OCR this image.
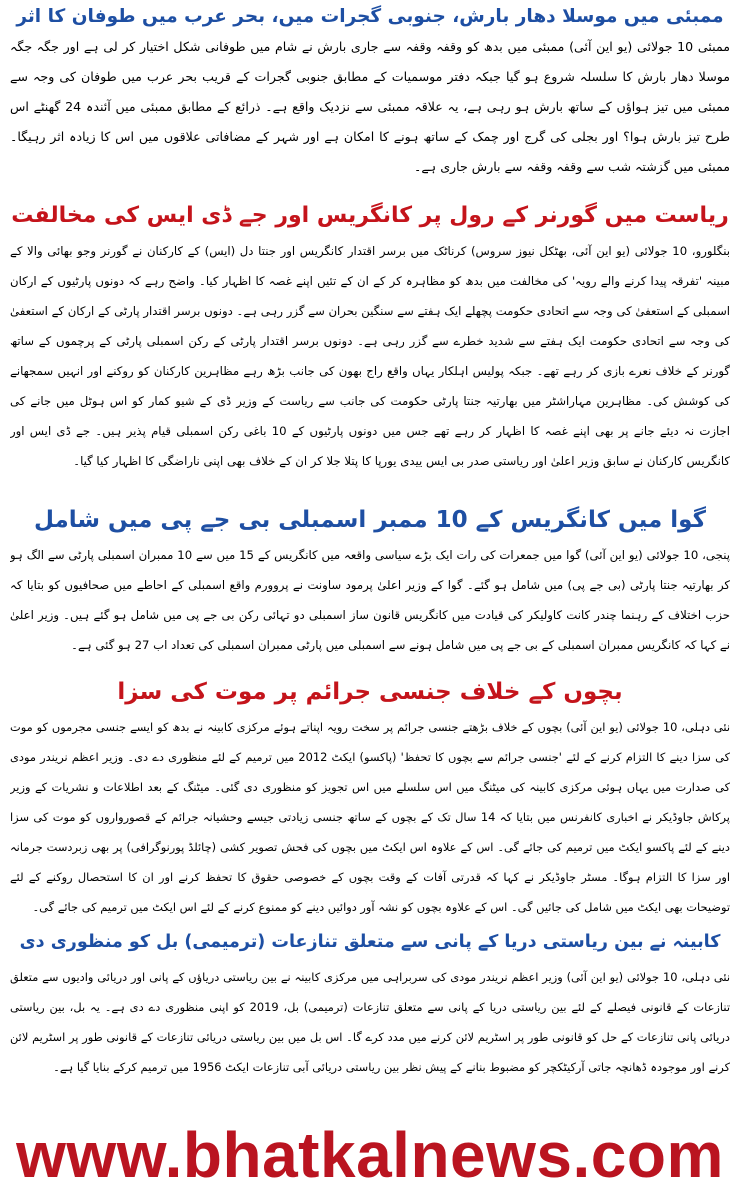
ممبئی میں موسلا دھار بارش، جنوبی گجرات میں، بحر عرب میں طوفان کا اثر

ممبئی 10 جولائی (یو این آئی) ممبئی میں بدھ کو وقفہ وقفہ سے جاری بارش نے شام میں طوفانی شکل اختیار کر لی ہے اور جگہ جگہ موسلا دھار بارش کا سلسلہ شروع ہو گیا جبکہ دفتر موسمیات کے مطابق جنوبی گجرات کے قریب بحر عرب میں طوفان کی وجہ سے ممبئی میں تیز ہواؤں کے ساتھ بارش ہو رہی ہے، یہ علاقہ ممبئی سے نزدیک واقع ہے۔ ذرائع کے مطابق ممبئی میں آئندہ 24 گھنٹے اس طرح تیز بارش ہوا؟ اور بجلی کی گرج اور چمک کے ساتھ ہونے کا امکان ہے اور شہر کے مضافاتی علاقوں میں اس کا زیادہ اثر رہیگا۔ ممبئی میں گزشتہ شب سے وقفہ وقفہ سے بارش جاری ہے۔

ریاست میں گورنر کے رول پر کانگریس اور جے ڈی ایس کی مخالفت

بنگلورو، 10 جولائی (یو این آئی، بھٹکل نیوز سروس) کرناٹک میں برسر اقتدار کانگریس اور جنتا دل (ایس) کے کارکنان نے گورنر وجو بھائی والا کے مبینہ 'تفرقہ پیدا کرنے والے رویہ' کی مخالفت میں بدھ کو مظاہرہ کر کے ان کے تئیں اپنے غصہ کا اظہار کیا۔ واضح رہے کہ دونوں پارٹیوں کے ارکان اسمبلی کے استعفیٰ کی وجہ سے اتحادی حکومت پچھلے ایک ہفتے سے سنگین بحران سے گزر رہی ہے۔ دونوں برسر اقتدار پارٹی کے ارکان کے استعفیٰ کی وجہ سے اتحادی حکومت ایک ہفتے سے شدید خطرے سے گزر رہی ہے۔ دونوں برسر اقتدار پارٹی کے رکن اسمبلی پارٹی کے پرچموں کے ساتھ گورنر کے خلاف نعرے بازی کر رہے تھے۔ جبکہ پولیس اہلکار یہاں واقع راج بھون کی جانب بڑھ رہے مظاہرین کارکنان کو روکنے اور انہیں سمجھانے کی کوشش کی۔ مظاہرین مہاراشٹر میں بھارتیہ جنتا پارٹی حکومت کی جانب سے ریاست کے وزیر ڈی کے شیو کمار کو اس ہوٹل میں جانے کی اجازت نہ دیئے جانے پر بھی اپنے غصہ کا اظہار کر رہے تھے جس میں دونوں پارٹیوں کے 10 باغی رکن اسمبلی قیام پذیر ہیں۔ جے ڈی ایس اور کانگریس کارکنان نے سابق وزیر اعلیٰ اور ریاستی صدر بی ایس ییدی یورپا کا پتلا جلا کر ان کے خلاف بھی اپنی ناراضگی کا اظہار کیا گیا۔

گوا میں کانگریس کے 10 ممبر اسمبلی بی جے پی میں شامل

پنجی، 10 جولائی (یو این آئی) گوا میں جمعرات کی رات ایک بڑے سیاسی واقعہ میں کانگریس کے 15 میں سے 10 ممبران اسمبلی پارٹی سے الگ ہو کر بھارتیہ جنتا پارٹی (بی جے پی) میں شامل ہو گئے۔ گوا کے وزیر اعلیٰ پرمود ساونت نے پروورم واقع اسمبلی کے احاطے میں صحافیوں کو بتایا کہ حزب اختلاف کے رہنما چندر کانت کاولیکر کی قیادت میں کانگریس قانون ساز اسمبلی دو تہائی رکن بی جے پی میں شامل ہو گئے ہیں۔ وزیر اعلیٰ نے کہا کہ کانگریس ممبران اسمبلی کے بی جے پی میں شامل ہونے سے اسمبلی میں پارٹی ممبران اسمبلی کی تعداد اب 27 ہو گئی ہے۔

بچوں کے خلاف جنسی جرائم پر موت کی سزا

نئی دہلی، 10 جولائی (یو این آئی) بچوں کے خلاف بڑھتے جنسی جرائم پر سخت رویہ اپناتے ہوئے مرکزی کابینہ نے بدھ کو ایسے جنسی مجرموں کو موت کی سزا دینے کا التزام کرنے کے لئے 'جنسی جرائم سے بچوں کا تحفظ' (پاکسو) ایکٹ 2012 میں ترمیم کے لئے منظوری دے دی۔ وزیر اعظم نریندر مودی کی صدارت میں یہاں ہوئی مرکزی کابینہ کی میٹنگ میں اس سلسلے میں اس تجویز کو منظوری دی گئی۔ میٹنگ کے بعد اطلاعات و نشریات کے وزیر پرکاش جاوڈیکر نے اخباری کانفرنس میں بتایا کہ 14 سال تک کے بچوں کے ساتھ جنسی زیادتی جیسے وحشیانہ جرائم کے قصورواروں کو موت کی سزا دینے کے لئے پاکسو ایکٹ میں ترمیم کی جائے گی۔ اس کے علاوہ اس ایکٹ میں بچوں کی فحش تصویر کشی (چائلڈ پورنوگرافی) پر بھی زبردست جرمانہ اور سزا کا التزام ہوگا۔ مسٹر جاوڈیکر نے کہا کہ قدرتی آفات کے وقت بچوں کے خصوصی حقوق کا تحفظ کرنے اور ان کا استحصال روکنے کے لئے توضیحات بھی ایکٹ میں شامل کی جائیں گی۔ اس کے علاوہ بچوں کو نشہ آور دوائیں دینے کو ممنوع کرنے کے لئے اس ایکٹ میں ترمیم کی جائے گی۔

کابینہ نے بین ریاستی دریا کے پانی سے متعلق تنازعات (ترمیمی) بل کو منظوری دی

نئی دہلی، 10 جولائی (یو این آئی) وزیر اعظم نریندر مودی کی سربراہی میں مرکزی کابینہ نے بین ریاستی دریاؤں کے پانی اور دریائی وادیوں سے متعلق تنازعات کے قانونی فیصلے کے لئے بین ریاستی دریا کے پانی سے متعلق تنازعات (ترمیمی) بل، 2019 کو اپنی منظوری دے دی ہے۔ یہ بل، بین ریاستی دریائی پانی تنازعات کے حل کو قانونی طور پر اسٹریم لائن کرنے میں مدد کرے گا۔ اس بل میں بین ریاستی دریائی تنازعات کے قانونی طور پر اسٹریم لائن کرنے اور موجودہ ڈھانچہ جاتی آرکیٹکچر کو مضبوط بنانے کے پیش نظر بین ریاستی دریائی آبی تنازعات ایکٹ 1956 میں ترمیم کرکے بنایا گیا ہے۔

www.bhatkalnews.com
